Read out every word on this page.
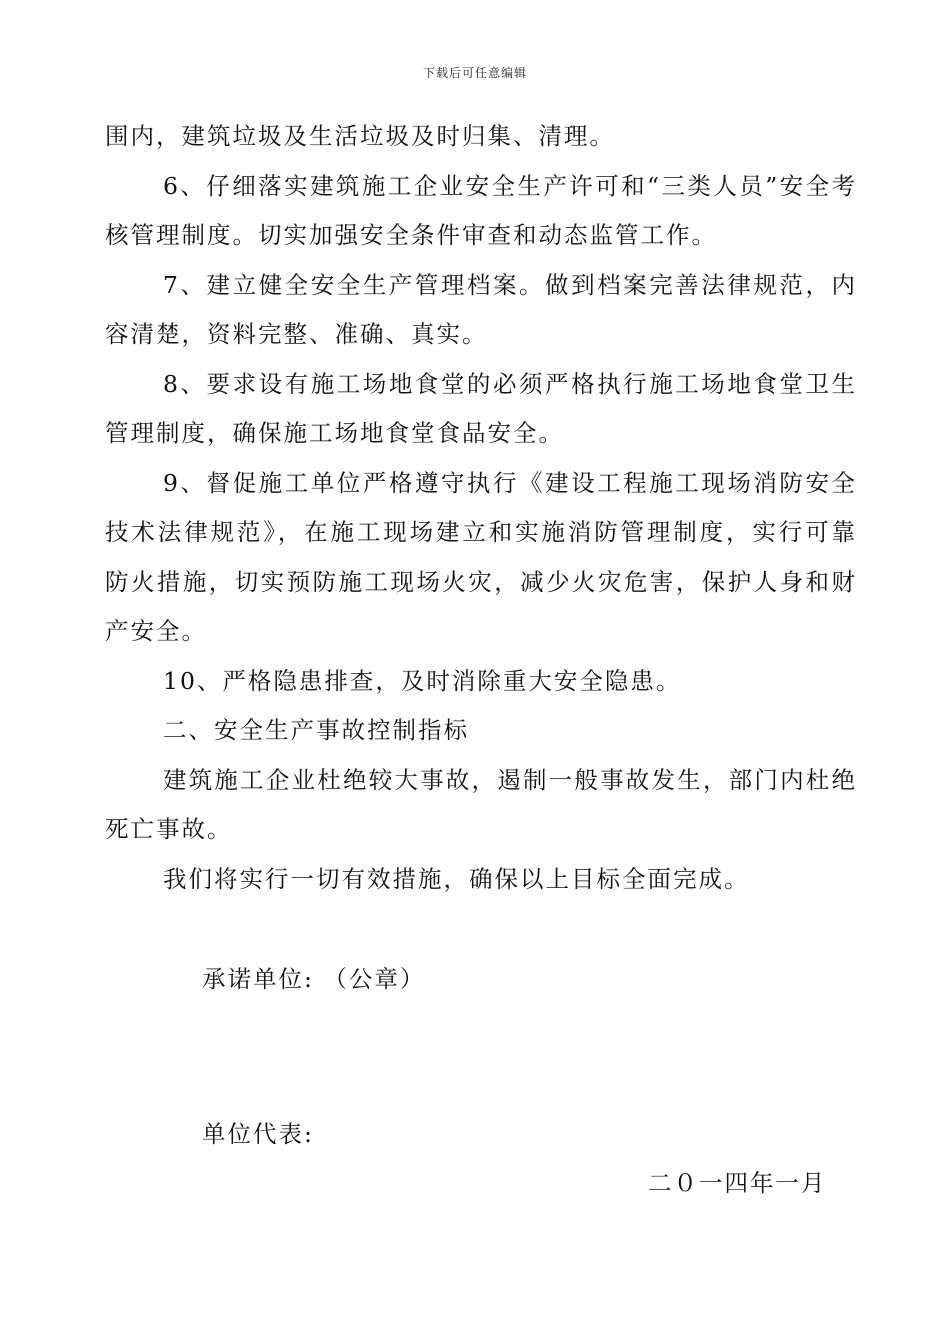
下载后可任意编辑

围内，建筑垃圾及生活垃圾及时归集、清理。

6、仔细落实建筑施工企业安全生产许可和“三类人员”安全考核管理制度。切实加强安全条件审查和动态监管工作。

7、建立健全安全生产管理档案。做到档案完善法律规范，内容清楚，资料完整、准确、真实。

8、要求设有施工场地食堂的必须严格执行施工场地食堂卫生管理制度，确保施工场地食堂食品安全。

9、督促施工单位严格遵守执行《建设工程施工现场消防安全技术法律规范》，在施工现场建立和实施消防管理制度，实行可靠防火措施，切实预防施工现场火灾，减少火灾危害，保护人身和财产安全。

10、严格隐患排查，及时消除重大安全隐患。

二、安全生产事故控制指标

建筑施工企业杜绝较大事故，遏制一般事故发生，部门内杜绝死亡事故。

我们将实行一切有效措施，确保以上目标全面完成。

承诺单位: （公章）
单位代表:
二０一四年一月
